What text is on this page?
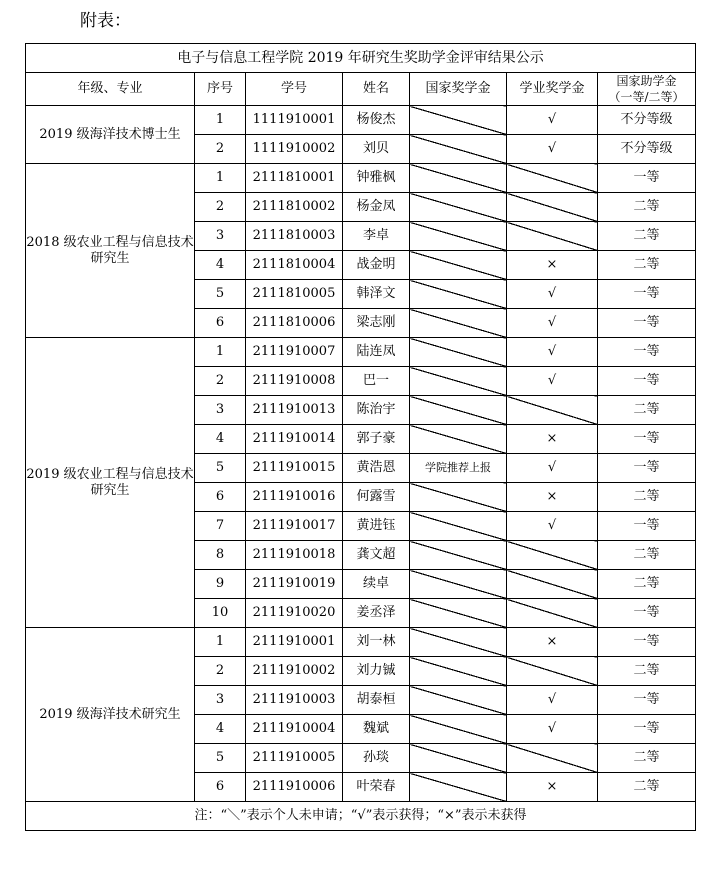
附表：
电子与信息工程学院 2019 年研究生奖助学金评审结果公示						
年级、专业	序号	学号	姓名	国家奖学金	学业奖学金	国家助学金
（一等/二等）

2019 级海洋技术博士生	1	1111910001	杨俊杰		√	不分等级
	2	1111910002	刘贝		√	不分等级
2018 级农业工程与信息技术研究生	1	2111810001	钟雅枫			一等
	2	2111810002	杨金凤			二等
	3	2111810003	李卓			二等
	4	2111810004	战金明		×	二等
	5	2111810005	韩泽文		√	一等
	6	2111810006	梁志刚		√	一等
2019 级农业工程与信息技术研究生	1	2111910007	陆连凤		√	一等
	2	2111910008	巴一		√	一等
	3	2111910013	陈治宇			二等
	4	2111910014	郭子豪		×	一等
	5	2111910015	黄浩恩	学院推荐上报	√	一等
	6	2111910016	何露雪		×	二等
	7	2111910017	黄进钰		√	一等
	8	2111910018	龚文超			二等
	9	2111910019	续卓			二等
	10	2111910020	姜丞泽			一等
2019 级海洋技术研究生	1	2111910001	刘一林		×	一等
	2	2111910002	刘力铖			二等
	3	2111910003	胡泰桓		√	一等
	4	2111910004	魏斌		√	一等
	5	2111910005	孙琰			二等
	6	2111910006	叶荣春		×	二等
注：“＼”表示个人未申请；“√”表示获得；“×”表示未获得						
